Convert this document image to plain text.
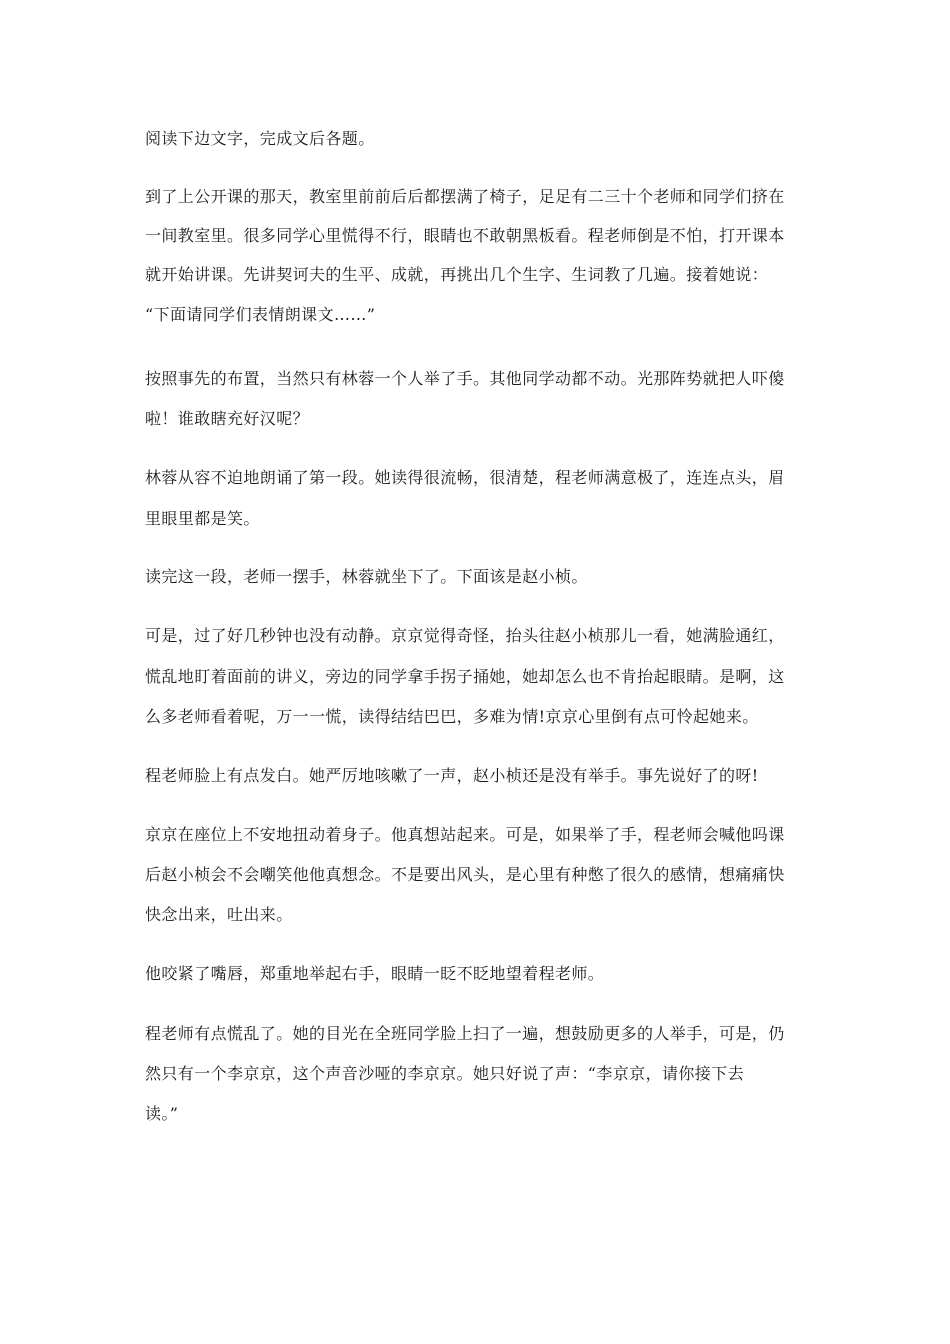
阅读下边文字，完成文后各题。
到了上公开课的那天，教室里前前后后都摆满了椅子，足足有二三十个老师和同学们挤在
一间教室里。很多同学心里慌得不行，眼睛也不敢朝黑板看。程老师倒是不怕，打开课本
就开始讲课。先讲契诃夫的生平、成就，再挑出几个生字、生词教了几遍。接着她说：
“下面请同学们表情朗课文……”
按照事先的布置，当然只有林蓉一个人举了手。其他同学动都不动。光那阵势就把人吓傻
啦！谁敢瞎充好汉呢？
林蓉从容不迫地朗诵了第一段。她读得很流畅，很清楚，程老师满意极了，连连点头，眉
里眼里都是笑。
读完这一段，老师一摆手，林蓉就坐下了。下面该是赵小桢。
可是，过了好几秒钟也没有动静。京京觉得奇怪，抬头往赵小桢那儿一看，她满脸通红，
慌乱地盯着面前的讲义，旁边的同学拿手拐子捅她，她却怎么也不肯抬起眼睛。是啊，这
么多老师看着呢，万一一慌，读得结结巴巴，多难为情!京京心里倒有点可怜起她来。
程老师脸上有点发白。她严厉地咳嗽了一声，赵小桢还是没有举手。事先说好了的呀!
京京在座位上不安地扭动着身子。他真想站起来。可是，如果举了手，程老师会喊他吗课
后赵小桢会不会嘲笑他他真想念。不是要出风头，是心里有种憋了很久的感情，想痛痛快
快念出来，吐出来。
他咬紧了嘴唇，郑重地举起右手，眼睛一眨不眨地望着程老师。
程老师有点慌乱了。她的目光在全班同学脸上扫了一遍，想鼓励更多的人举手，可是，仍
然只有一个李京京，这个声音沙哑的李京京。她只好说了声：“李京京，请你接下去
读。”
